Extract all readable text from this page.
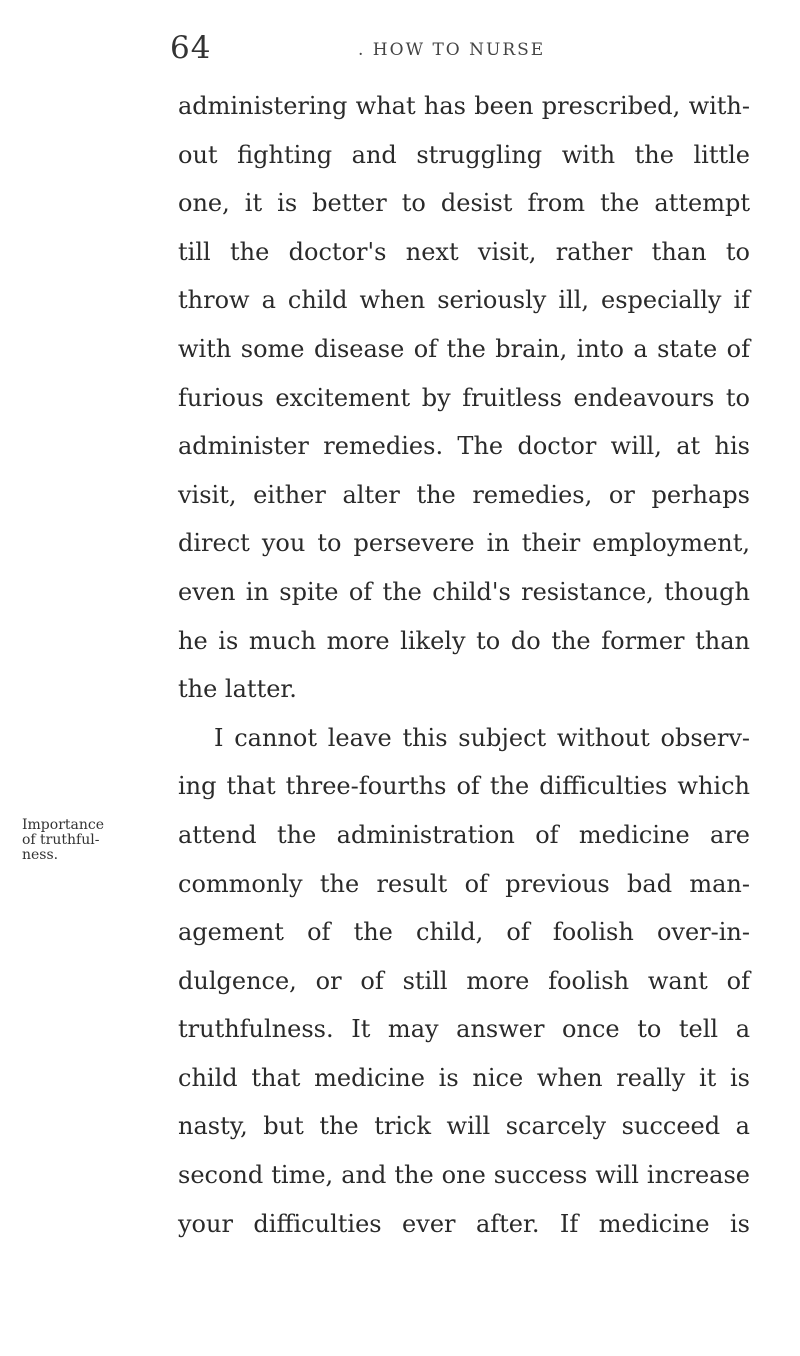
64	. HOW TO NURSE
Importance
of truthful-
ness.
administering what has been prescribed, with-
out fighting and struggling with the little
one, it is better to desist from the attempt
till the doctor's next visit, rather than to
throw a child when seriously ill, especially if
with some disease of the brain, into a state of
furious excitement by fruitless endeavours to
administer remedies. The doctor will, at his
visit, either alter the remedies, or perhaps
direct you to persevere in their employment,
even in spite of the child's resistance, though
he is much more likely to do the former than
the latter.
I cannot leave this subject without observ-
ing that three-fourths of the difficulties which
attend the administration of medicine are
commonly the result of previous bad man-
agement of the child, of foolish over-in-
dulgence, or of still more foolish want of
truthfulness. It may answer once to tell a
child that medicine is nice when really it is
nasty, but the trick will scarcely succeed a
second time, and the one success will increase
your difficulties ever after. If medicine is
